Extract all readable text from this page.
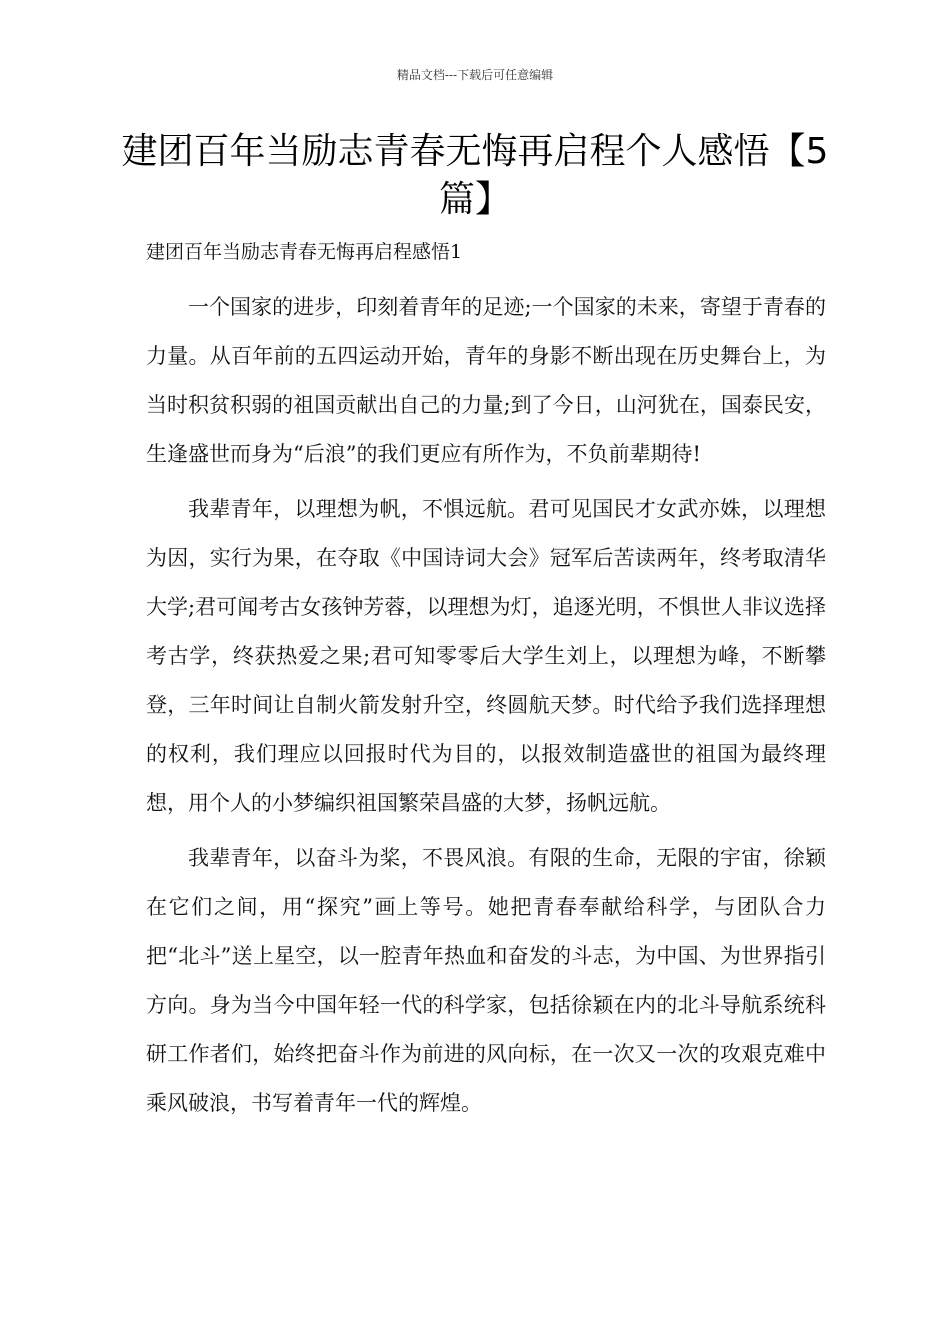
精品文档---下载后可任意编辑
建团百年当励志青春无悔再启程个人感悟【5篇】
建团百年当励志青春无悔再启程感悟1

一个国家的进步，印刻着青年的足迹;一个国家的未来，寄望于青春的力量。从百年前的五四运动开始，青年的身影不断出现在历史舞台上，为当时积贫积弱的祖国贡献出自己的力量;到了今日，山河犹在，国泰民安，生逢盛世而身为“后浪”的我们更应有所作为，不负前辈期待!

我辈青年，以理想为帆，不惧远航。君可见国民才女武亦姝，以理想为因，实行为果，在夺取《中国诗词大会》冠军后苦读两年，终考取清华大学;君可闻考古女孩钟芳蓉，以理想为灯，追逐光明，不惧世人非议选择考古学，终获热爱之果;君可知零零后大学生刘上，以理想为峰，不断攀登，三年时间让自制火箭发射升空，终圆航天梦。时代给予我们选择理想的权利，我们理应以回报时代为目的，以报效制造盛世的祖国为最终理想，用个人的小梦编织祖国繁荣昌盛的大梦，扬帆远航。

我辈青年，以奋斗为桨，不畏风浪。有限的生命，无限的宇宙，徐颖在它们之间，用“探究”画上等号。她把青春奉献给科学，与团队合力把“北斗”送上星空，以一腔青年热血和奋发的斗志，为中国、为世界指引方向。身为当今中国年轻一代的科学家，包括徐颖在内的北斗导航系统科研工作者们，始终把奋斗作为前进的风向标，在一次又一次的攻艰克难中乘风破浪，书写着青年一代的辉煌。
